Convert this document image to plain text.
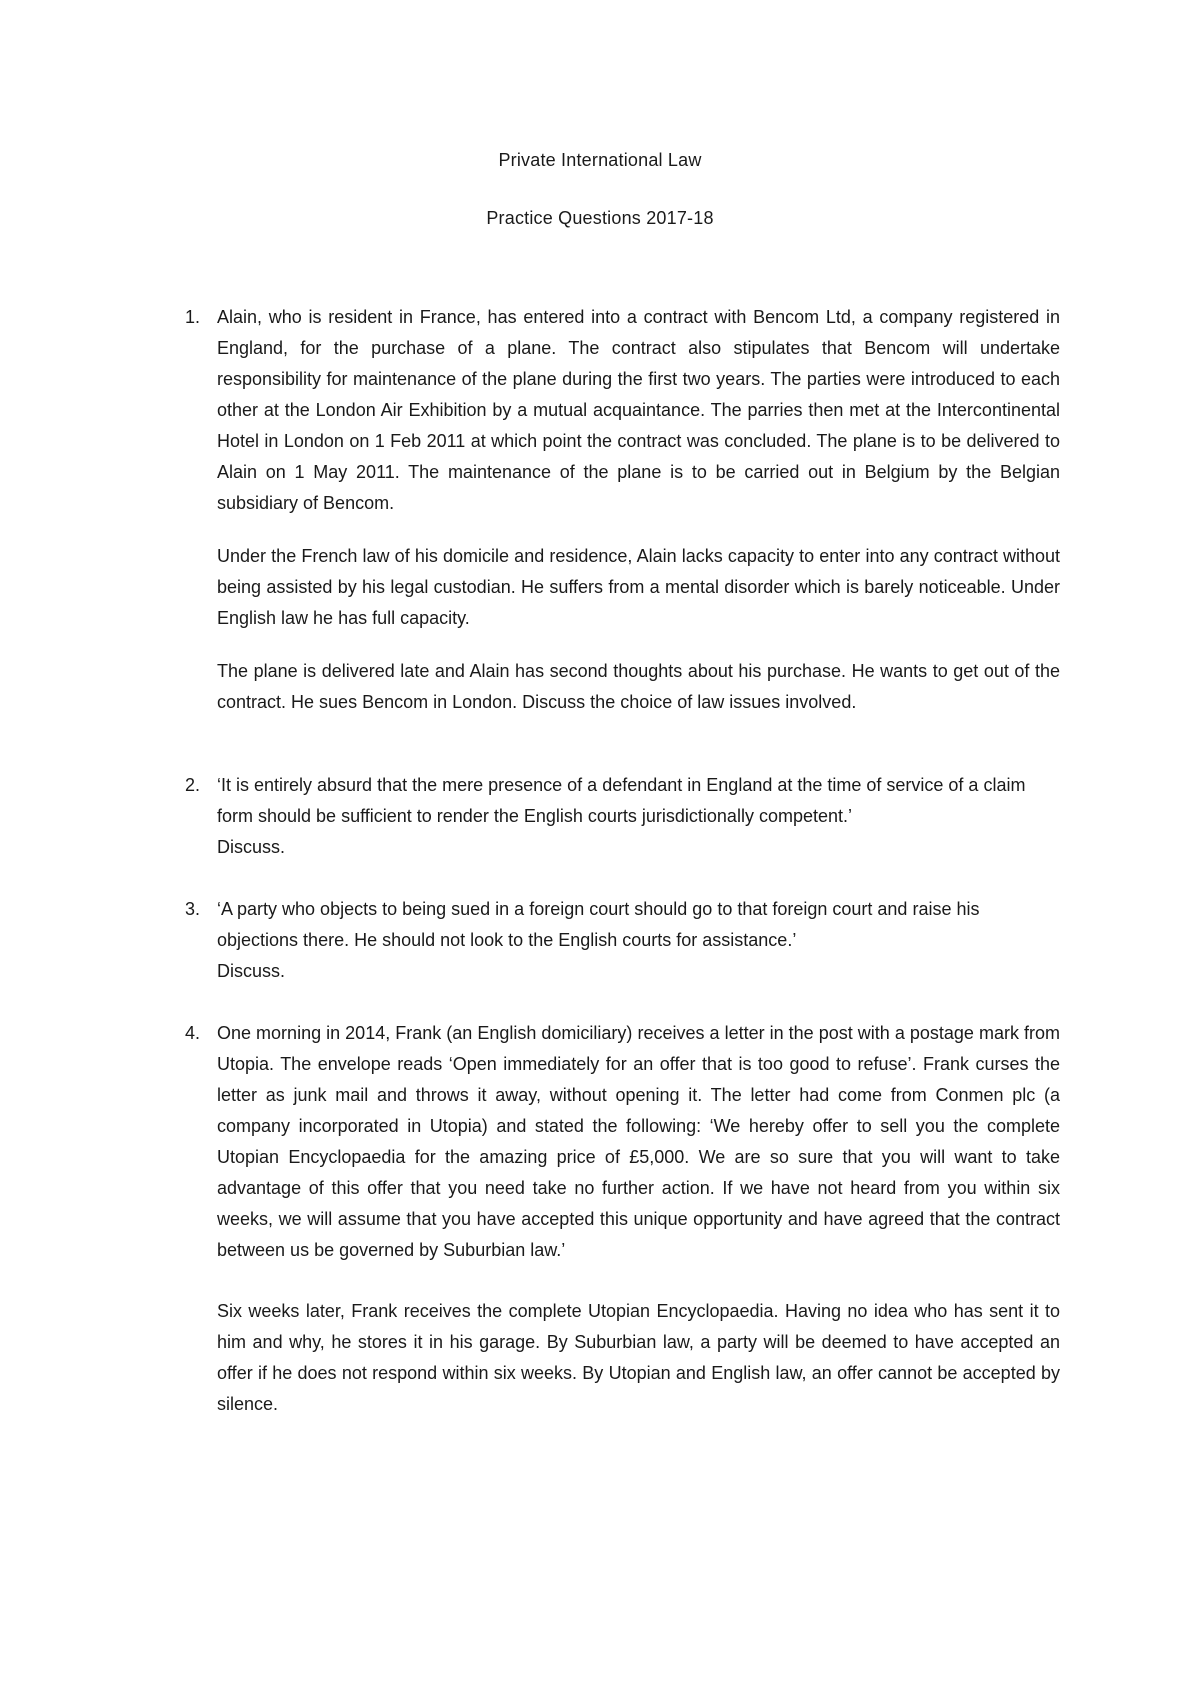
Private International Law
Practice Questions 2017-18
1. Alain, who is resident in France, has entered into a contract with Bencom Ltd, a company registered in England, for the purchase of a plane. The contract also stipulates that Bencom will undertake responsibility for maintenance of the plane during the first two years. The parties were introduced to each other at the London Air Exhibition by a mutual acquaintance. The parries then met at the Intercontinental Hotel in London on 1 Feb 2011 at which point the contract was concluded. The plane is to be delivered to Alain on 1 May 2011. The maintenance of the plane is to be carried out in Belgium by the Belgian subsidiary of Bencom.

Under the French law of his domicile and residence, Alain lacks capacity to enter into any contract without being assisted by his legal custodian. He suffers from a mental disorder which is barely noticeable. Under English law he has full capacity.

The plane is delivered late and Alain has second thoughts about his purchase. He wants to get out of the contract. He sues Bencom in London. Discuss the choice of law issues involved.

2. ‘It is entirely absurd that the mere presence of a defendant in England at the time of service of a claim form should be sufficient to render the English courts jurisdictionally competent.’

Discuss.

3. ‘A party who objects to being sued in a foreign court should go to that foreign court and raise his objections there. He should not look to the English courts for assistance.’

Discuss.

4. One morning in 2014, Frank (an English domiciliary) receives a letter in the post with a postage mark from Utopia. The envelope reads ‘Open immediately for an offer that is too good to refuse’. Frank curses the letter as junk mail and throws it away, without opening it. The letter had come from Conmen plc (a company incorporated in Utopia) and stated the following: ‘We hereby offer to sell you the complete Utopian Encyclopaedia for the amazing price of £5,000. We are so sure that you will want to take advantage of this offer that you need take no further action. If we have not heard from you within six weeks, we will assume that you have accepted this unique opportunity and have agreed that the contract between us be governed by Suburbian law.’

Six weeks later, Frank receives the complete Utopian Encyclopaedia. Having no idea who has sent it to him and why, he stores it in his garage. By Suburbian law, a party will be deemed to have accepted an offer if he does not respond within six weeks. By Utopian and English law, an offer cannot be accepted by silence.
